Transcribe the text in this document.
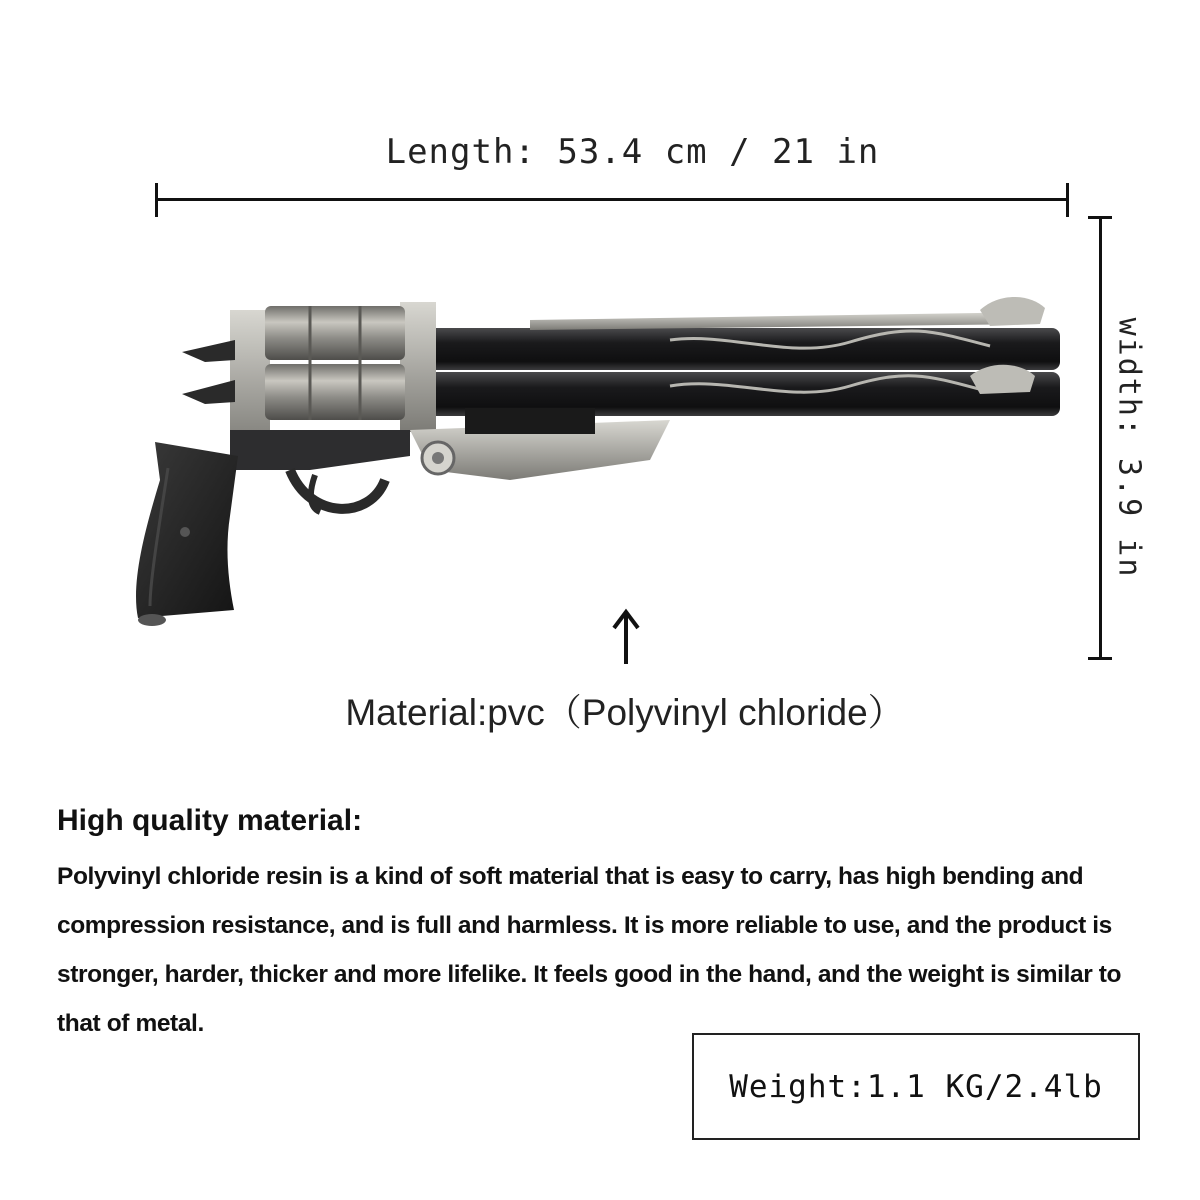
Length: 53.4 cm / 21 in
width: 3.9 in
Material:pvc（Polyvinyl chloride）
High quality material:
Polyvinyl chloride resin is a kind of soft material that is easy to carry, has high bending and compression resistance, and is full and harmless. It is more reliable to use, and the product is stronger, harder, thicker and more lifelike. It feels good in the hand, and the weight is similar to that of metal.
Weight:1.1 KG/2.4lb
